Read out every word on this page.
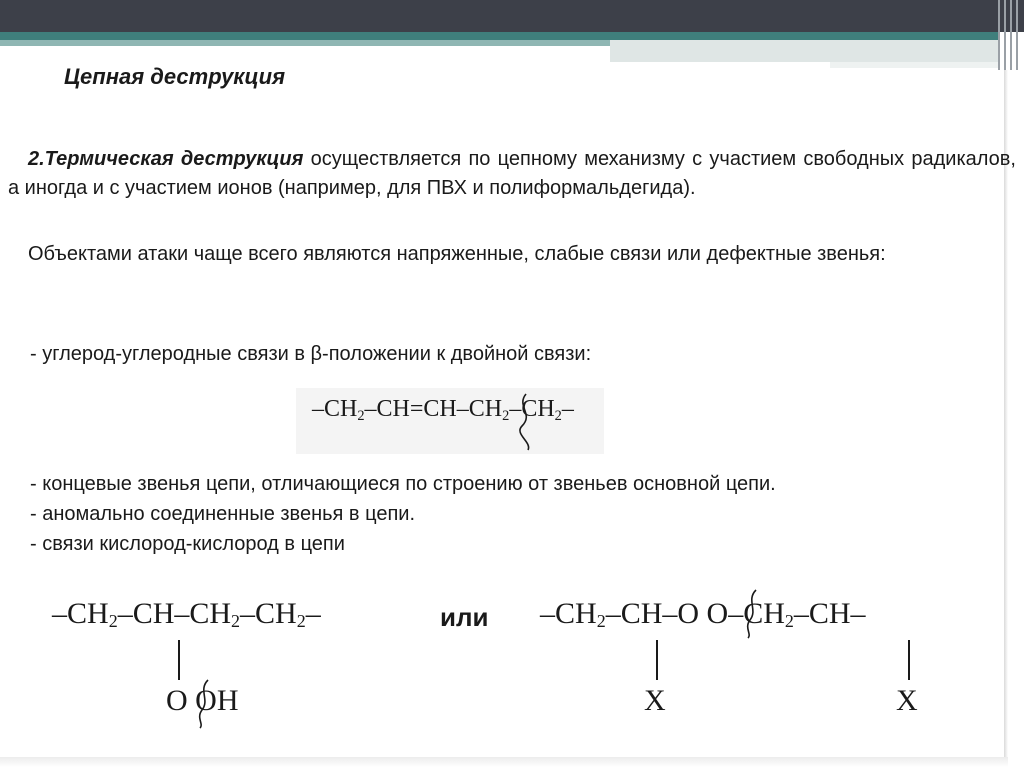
Цепная деструкция
2.Термическая деструкция осуществляется по цепному механизму с участием свободных радикалов, а иногда и с участием ионов (например, для ПВХ и полиформальдегида).
Объектами атаки чаще всего являются напряженные, слабые связи или дефектные звенья:
- углерод-углеродные связи в β-положении к двойной связи:
$-CH_2-CH=CH-CH_2-CH_2-$
- концевые звенья цепи, отличающиеся по строению от звеньев основной цепи.
- аномально соединенные звенья в цепи.
- связи кислород-кислород в цепи
$-CH_2-CH-CH_2-CH_2-$
O OH
или $-CH_2-CH-O$ $O-CH_2-CH-$
X	X
